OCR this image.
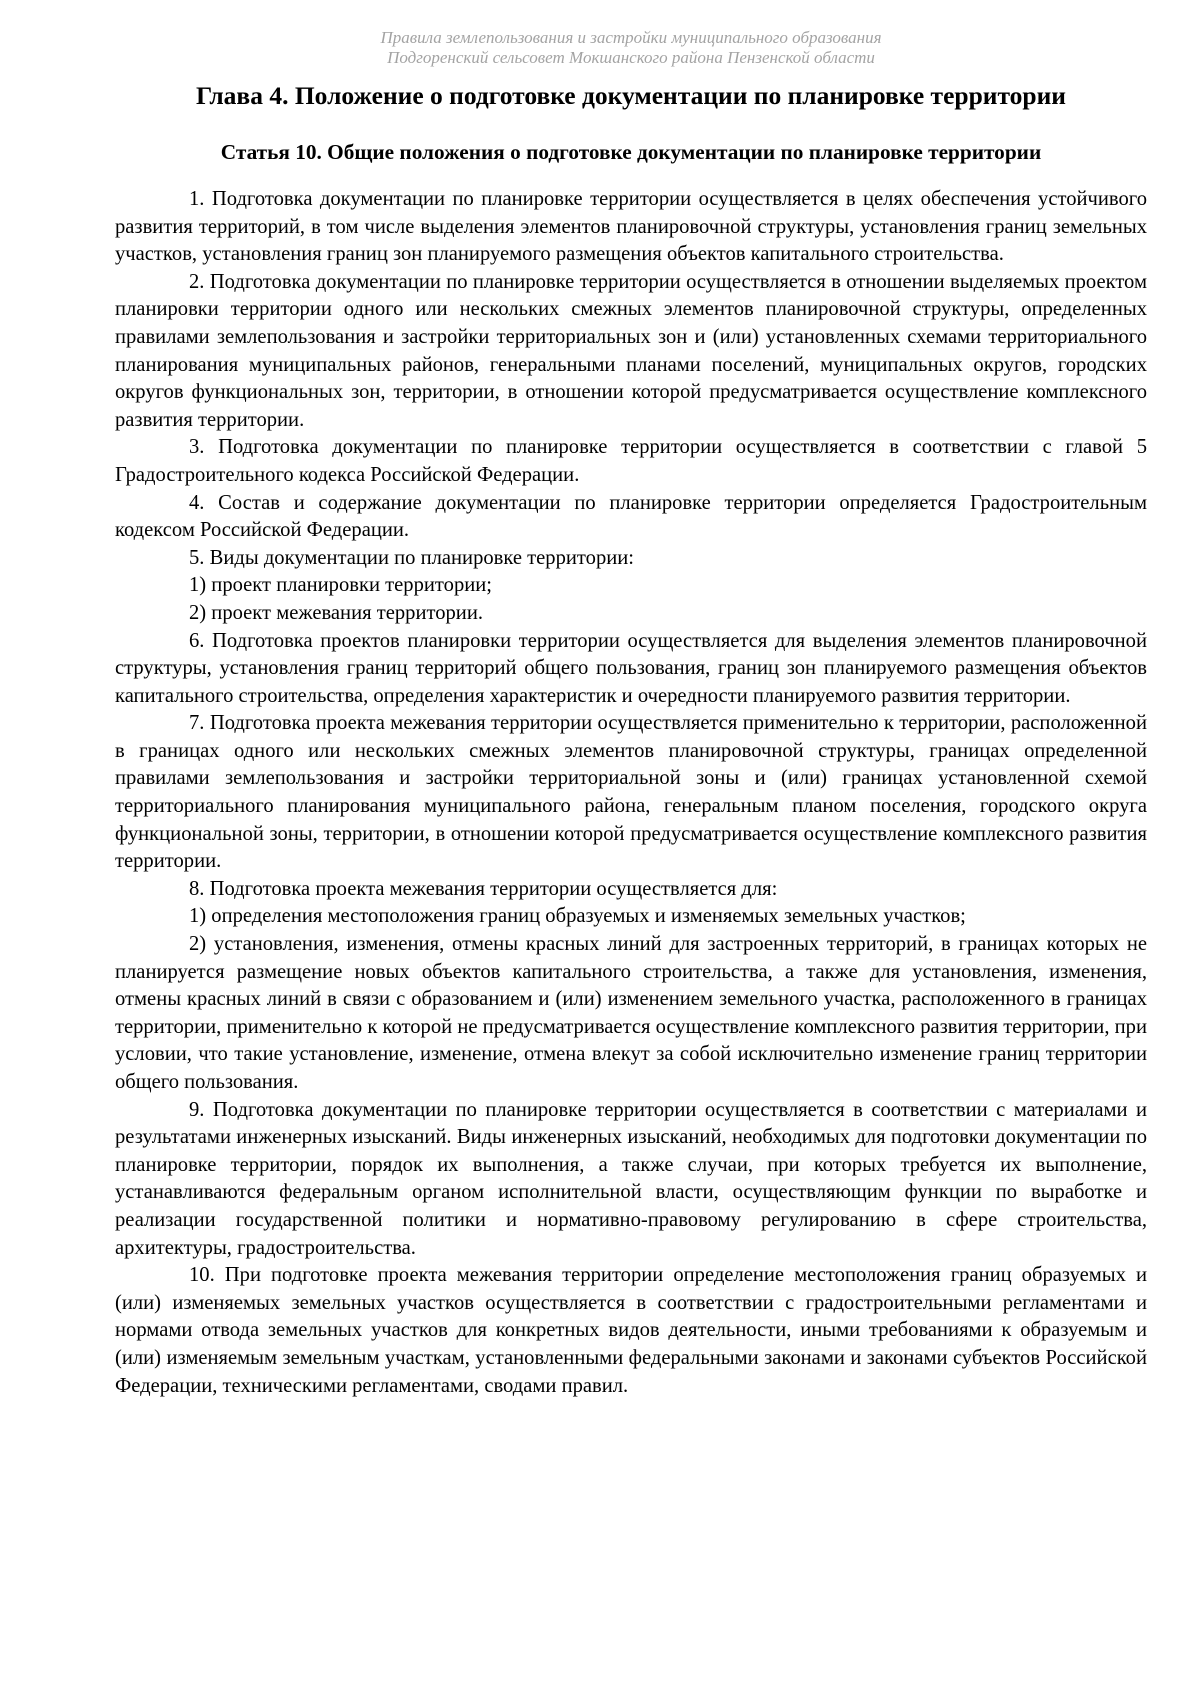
Правила землепользования и застройки муниципального образования
Подгоренский сельсовет Мокшанского района Пензенской области
Глава 4. Положение о подготовке документации по планировке территории
Статья 10. Общие положения о подготовке документации по планировке территории

1. Подготовка документации по планировке территории осуществляется в целях обеспечения устойчивого развития территорий, в том числе выделения элементов планировочной структуры, установления границ земельных участков, установления границ зон планируемого размещения объектов капитального строительства.

2. Подготовка документации по планировке территории осуществляется в отношении выделяемых проектом планировки территории одного или нескольких смежных элементов планировочной структуры, определенных правилами землепользования и застройки территориальных зон и (или) установленных схемами территориального планирования муниципальных районов, генеральными планами поселений, муниципальных округов, городских округов функциональных зон, территории, в отношении которой предусматривается осуществление комплексного развития территории.

3. Подготовка документации по планировке территории осуществляется в соответствии с главой 5 Градостроительного кодекса Российской Федерации.

4. Состав и содержание документации по планировке территории определяется Градостроительным кодексом Российской Федерации.

5. Виды документации по планировке территории:

1) проект планировки территории;

2) проект межевания территории.

6. Подготовка проектов планировки территории осуществляется для выделения элементов планировочной структуры, установления границ территорий общего пользования, границ зон планируемого размещения объектов капитального строительства, определения характеристик и очередности планируемого развития территории.

7. Подготовка проекта межевания территории осуществляется применительно к территории, расположенной в границах одного или нескольких смежных элементов планировочной структуры, границах определенной правилами землепользования и застройки территориальной зоны и (или) границах установленной схемой территориального планирования муниципального района, генеральным планом поселения, городского округа функциональной зоны, территории, в отношении которой предусматривается осуществление комплексного развития территории.

8. Подготовка проекта межевания территории осуществляется для:

1) определения местоположения границ образуемых и изменяемых земельных участков;

2) установления, изменения, отмены красных линий для застроенных территорий, в границах которых не планируется размещение новых объектов капитального строительства, а также для установления, изменения, отмены красных линий в связи с образованием и (или) изменением земельного участка, расположенного в границах территории, применительно к которой не предусматривается осуществление комплексного развития территории, при условии, что такие установление, изменение, отмена влекут за собой исключительно изменение границ территории общего пользования.

9. Подготовка документации по планировке территории осуществляется в соответствии с материалами и результатами инженерных изысканий. Виды инженерных изысканий, необходимых для подготовки документации по планировке территории, порядок их выполнения, а также случаи, при которых требуется их выполнение, устанавливаются федеральным органом исполнительной власти, осуществляющим функции по выработке и реализации государственной политики и нормативно-правовому регулированию в сфере строительства, архитектуры, градостроительства.

10. При подготовке проекта межевания территории определение местоположения границ образуемых и (или) изменяемых земельных участков осуществляется в соответствии с градостроительными регламентами и нормами отвода земельных участков для конкретных видов деятельности, иными требованиями к образуемым и (или) изменяемым земельным участкам, установленными федеральными законами и законами субъектов Российской Федерации, техническими регламентами, сводами правил.
